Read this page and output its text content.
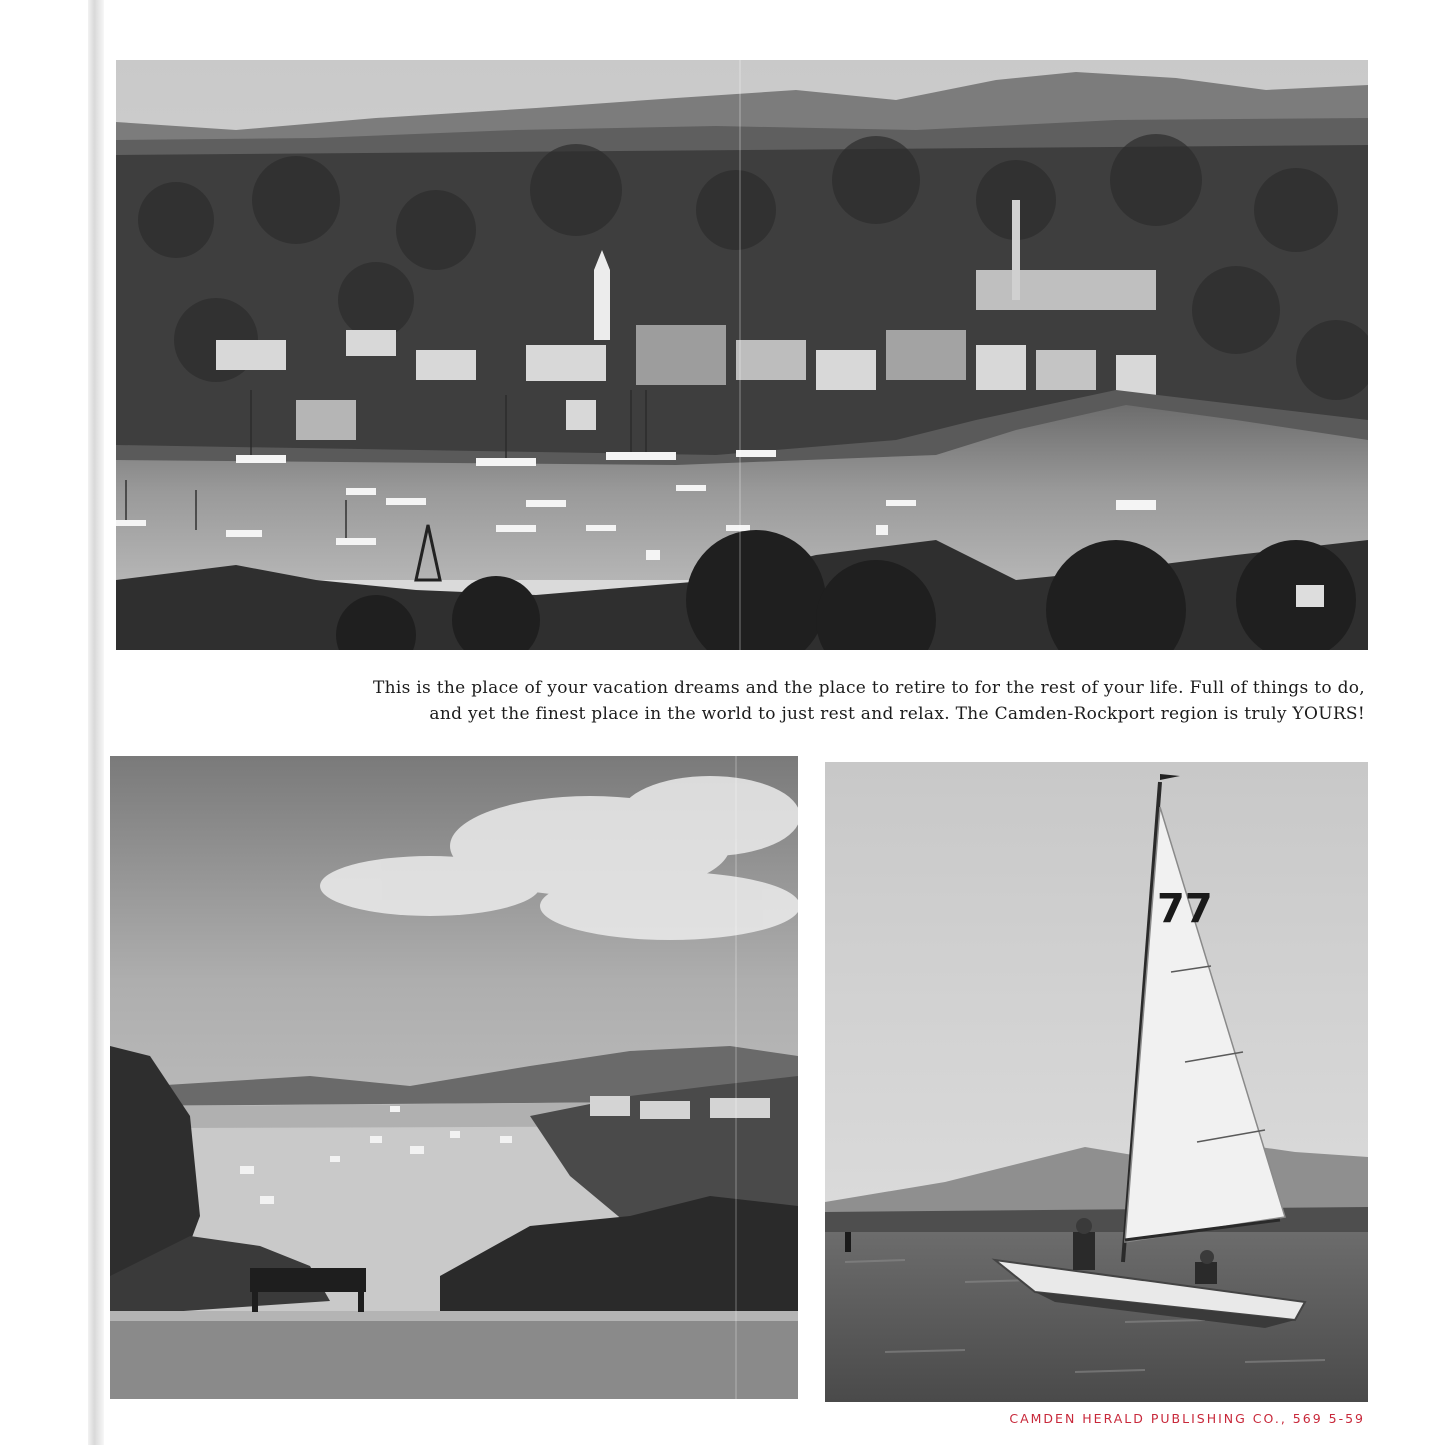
This is the place of your vacation dreams and the place to retire to for the rest of your life. Full of things to do,
and yet the finest place in the world to just rest and relax. The Camden-Rockport region is truly YOURS!
77
CAMDEN HERALD PUBLISHING CO., 569 5-59
